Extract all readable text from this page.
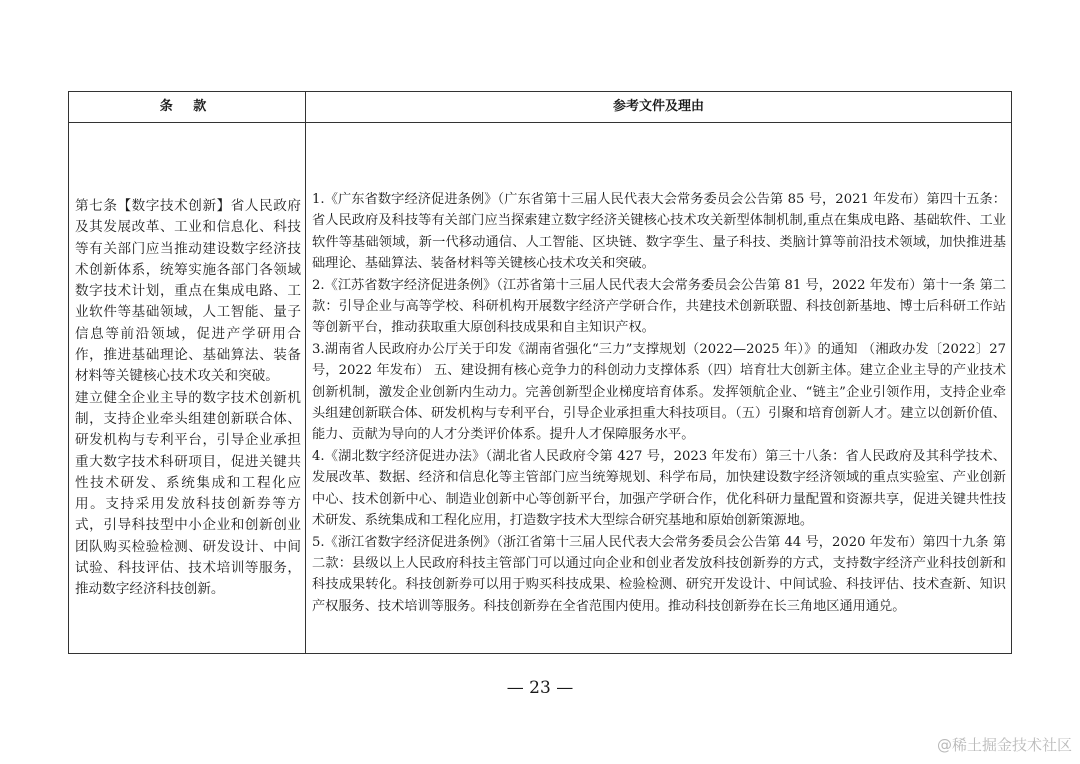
条 款	参考文件及理由

第七条【数字技术创新】省人民政府及其发展改革、工业和信息化、科技等有关部门应当推动建设数字经济技术创新体系，统筹实施各部门各领域数字技术计划，重点在集成电路、工业软件等基础领域，人工智能、量子信息等前沿领域，促进产学研用合作，推进基础理论、基础算法、装备材料等关键核心技术攻关和突破。

建立健全企业主导的数字技术创新机制，支持企业牵头组建创新联合体、研发机构与专利平台，引导企业承担重大数字技术科研项目，促进关键共性技术研发、系统集成和工程化应用。支持采用发放科技创新券等方式，引导科技型中小企业和创新创业团队购买检验检测、研发设计、中间试验、科技评估、技术培训等服务，推动数字经济科技创新。

1.《广东省数字经济促进条例》（广东省第十三届人民代表大会常务委员会公告第 85 号，2021 年发布）第四十五条：省人民政府及科技等有关部门应当探索建立数字经济关键核心技术攻关新型体制机制,重点在集成电路、基础软件、工业软件等基础领域，新一代移动通信、人工智能、区块链、数字孪生、量子科技、类脑计算等前沿技术领域，加快推进基础理论、基础算法、装备材料等关键核心技术攻关和突破。

2.《江苏省数字经济促进条例》（江苏省第十三届人民代表大会常务委员会公告第 81 号，2022 年发布）第十一条 第二款：引导企业与高等学校、科研机构开展数字经济产学研合作，共建技术创新联盟、科技创新基地、博士后科研工作站等创新平台，推动获取重大原创科技成果和自主知识产权。

3.湖南省人民政府办公厅关于印发《湖南省强化“三力”支撑规划（2022—2025 年）》的通知 （湘政办发〔2022〕27 号，2022 年发布） 五、建设拥有核心竞争力的科创动力支撑体系（四）培育壮大创新主体。建立企业主导的产业技术创新机制，激发企业创新内生动力。完善创新型企业梯度培育体系。发挥领航企业、“链主”企业引领作用，支持企业牵头组建创新联合体、研发机构与专利平台，引导企业承担重大科技项目。（五）引聚和培育创新人才。建立以创新价值、能力、贡献为导向的人才分类评价体系。提升人才保障服务水平。

4.《湖北数字经济促进办法》（湖北省人民政府令第 427 号，2023 年发布）第三十八条：省人民政府及其科学技术、发展改革、数据、经济和信息化等主管部门应当统筹规划、科学布局，加快建设数字经济领域的重点实验室、产业创新中心、技术创新中心、制造业创新中心等创新平台，加强产学研合作，优化科研力量配置和资源共享，促进关键共性技术研发、系统集成和工程化应用，打造数字技术大型综合研究基地和原始创新策源地。

5.《浙江省数字经济促进条例》（浙江省第十三届人民代表大会常务委员会公告第 44 号，2020 年发布）第四十九条 第二款：县级以上人民政府科技主管部门可以通过向企业和创业者发放科技创新券的方式，支持数字经济产业科技创新和科技成果转化。科技创新券可以用于购买科技成果、检验检测、研究开发设计、中间试验、科技评估、技术查新、知识产权服务、技术培训等服务。科技创新券在全省范围内使用。推动科技创新券在长三角地区通用通兑。

— 23 —
@稀土掘金技术社区
